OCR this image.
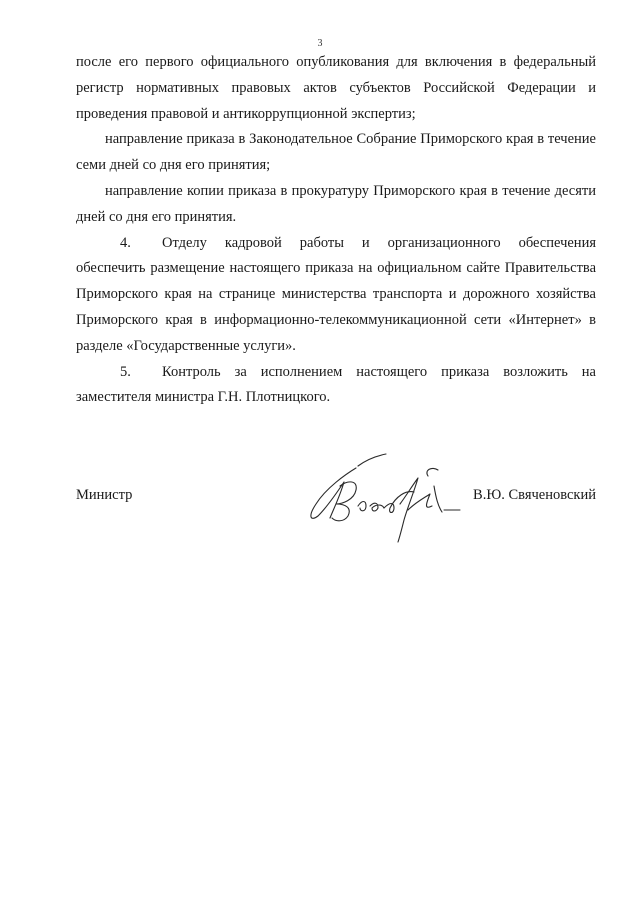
3

после его первого официального опубликования для включения в федеральный регистр нормативных правовых актов субъектов Российской Федерации и проведения правовой и антикоррупционной экспертиз;

направление приказа в Законодательное Собрание Приморского края в течение семи дней со дня его принятия;

направление копии приказа в прокуратуру Приморского края в течение десяти дней со дня его принятия.

4. Отделу кадровой работы и организационного обеспечения обеспечить размещение настоящего приказа на официальном сайте Правительства Приморского края на странице министерства транспорта и дорожного хозяйства Приморского края в информационно-телекоммуникационной сети «Интернет» в разделе «Государственные услуги».

5. Контроль за исполнением настоящего приказа возложить на заместителя министра Г.Н. Плотницкого.

Министр	В.Ю. Свяченовский
